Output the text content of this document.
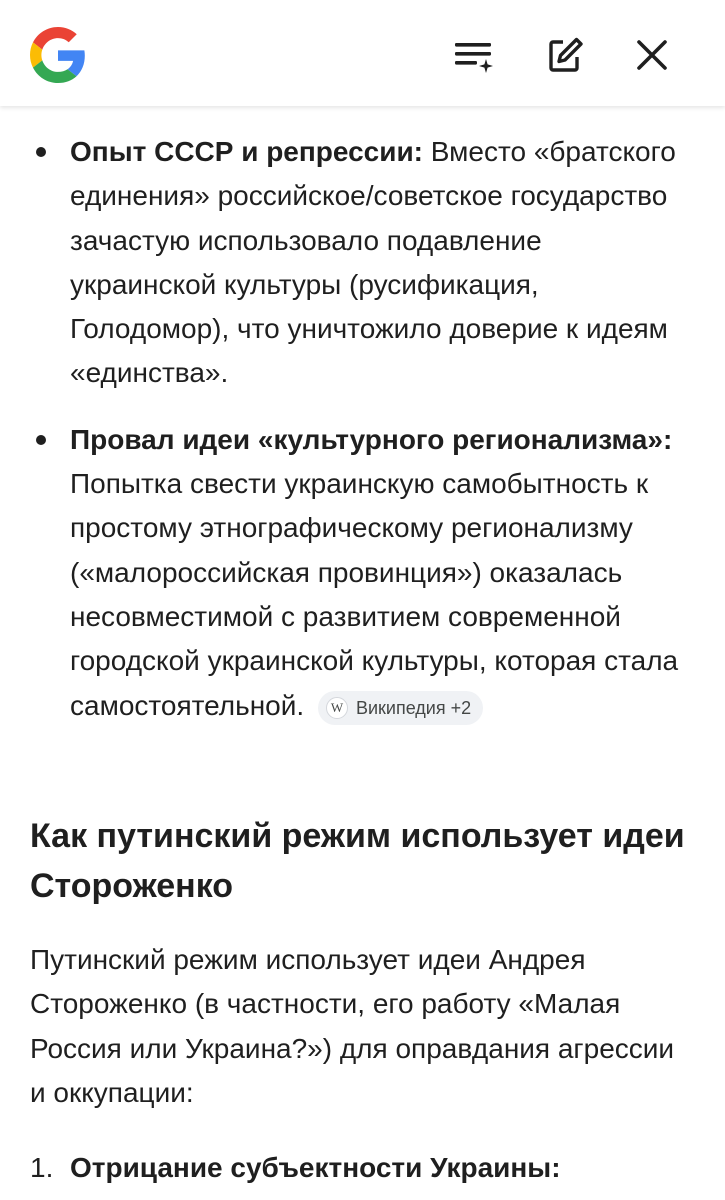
Опыт СССР и репрессии: Вместо «братского единения» российское/советское государство зачастую использовало подавление украинской культуры (русификация, Голодомор), что уничтожило доверие к идеям «единства».
Провал идеи «культурного регионализма»: Попытка свести украинскую самобытность к простому этнографическому регионализму («малороссийская провинция») оказалась несовместимой с развитием современной городской украинской культуры, которая стала самостоятельной.	W Википедия +2
Как путинский режим использует идеи Стороженко

Путинский режим использует идеи Андрея Стороженко (в частности, его работу «Малая Россия или Украина?») для оправдания агрессии и оккупации:

1. Отрицание субъектности Украины:
